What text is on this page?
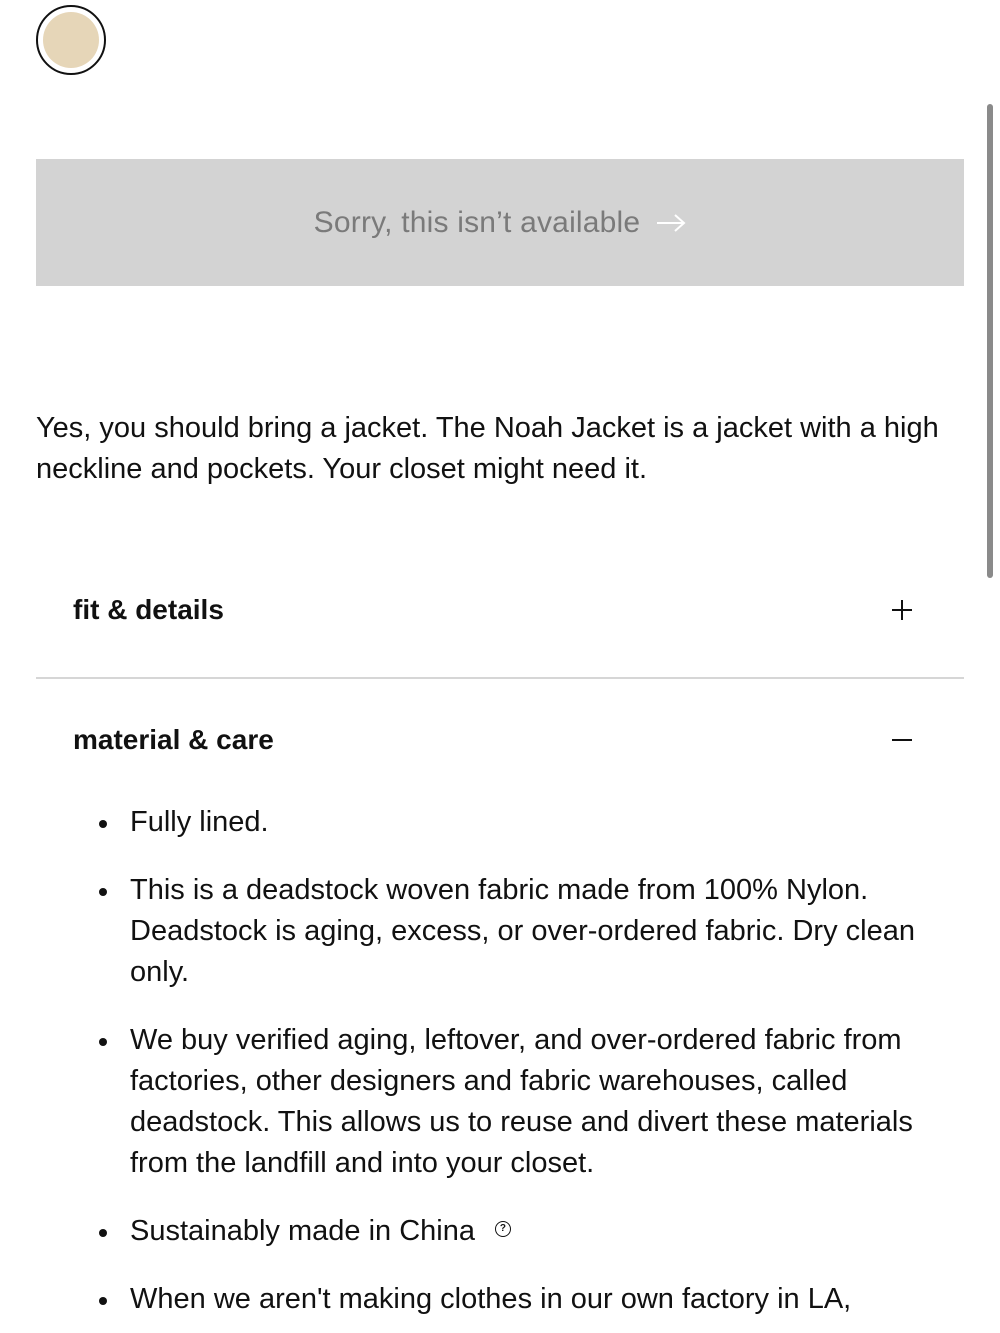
Sorry, this isn’t available

Yes, you should bring a jacket. The Noah Jacket is a jacket with a high neckline and pockets. Your closet might need it.

fit & details
material & care
Fully lined.
This is a deadstock woven fabric made from 100% Nylon. Deadstock is aging, excess, or over-ordered fabric. Dry clean only.
We buy verified aging, leftover, and over-ordered fabric from factories, other designers and fabric warehouses, called deadstock. This allows us to reuse and divert these materials from the landfill and into your closet.
Sustainably made in China ?
When we aren't making clothes in our own factory in LA,
